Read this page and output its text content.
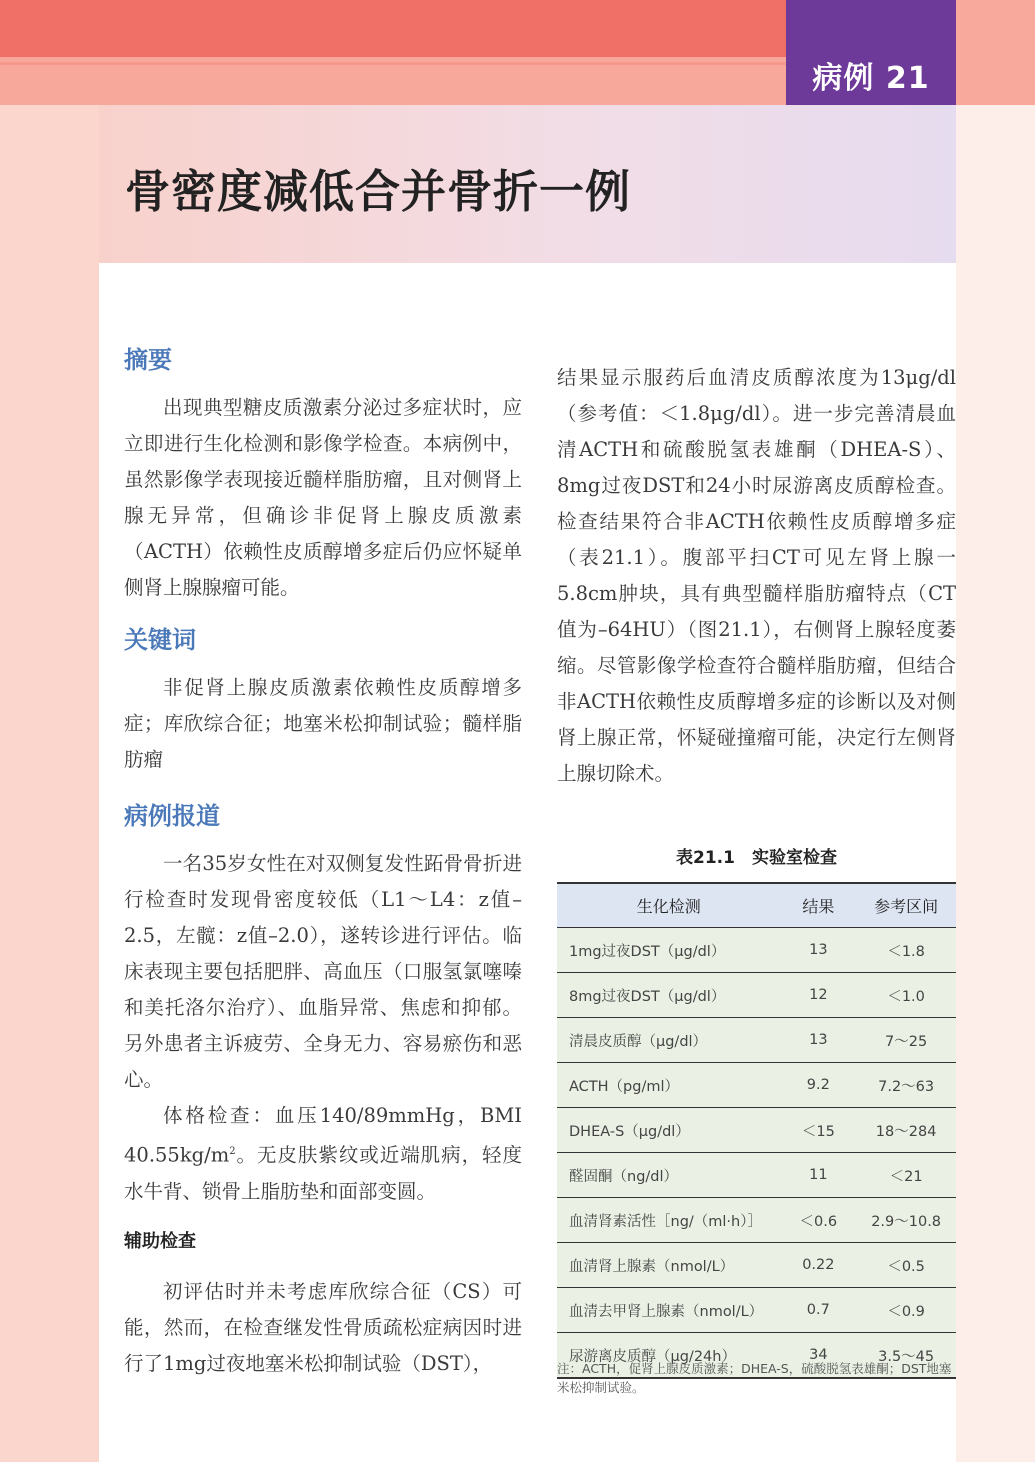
病例 21
骨密度减低合并骨折一例
摘要

出现典型糖皮质激素分泌过多症状时，应立即进行生化检测和影像学检查。本病例中，虽然影像学表现接近髓样脂肪瘤，且对侧肾上腺无异常，但确诊非促肾上腺皮质激素（ACTH）依赖性皮质醇增多症后仍应怀疑单侧肾上腺腺瘤可能。

关键词

非促肾上腺皮质激素依赖性皮质醇增多症；库欣综合征；地塞米松抑制试验；髓样脂肪瘤

病例报道

一名35岁女性在对双侧复发性跖骨骨折进行检查时发现骨密度较低（L1～L4：z值–2.5，左髋：z值–2.0），遂转诊进行评估。临床表现主要包括肥胖、高血压（口服氢氯噻嗪和美托洛尔治疗）、血脂异常、焦虑和抑郁。另外患者主诉疲劳、全身无力、容易瘀伤和恶心。

体格检查：血压140/89mmHg，BMI $40.55kg/m^2$。无皮肤紫纹或近端肌病，轻度水牛背、锁骨上脂肪垫和面部变圆。

辅助检查

初评估时并未考虑库欣综合征（CS）可能，然而，在检查继发性骨质疏松症病因时进行了1mg过夜地塞米松抑制试验（DST），

结果显示服药后血清皮质醇浓度为13μg/dl（参考值：＜1.8μg/dl）。进一步完善清晨血清ACTH和硫酸脱氢表雄酮（DHEA-S）、8mg过夜DST和24小时尿游离皮质醇检查。检查结果符合非ACTH依赖性皮质醇增多症（表21.1）。腹部平扫CT可见左肾上腺一5.8cm肿块，具有典型髓样脂肪瘤特点（CT值为–64HU）（图21.1），右侧肾上腺轻度萎缩。尽管影像学检查符合髓样脂肪瘤，但结合非ACTH依赖性皮质醇增多症的诊断以及对侧肾上腺正常，怀疑碰撞瘤可能，决定行左侧肾上腺切除术。

表21.1　实验室检查
生化检测	结果	参考区间
1mg过夜DST（μg/dl）	13	＜1.8
8mg过夜DST（μg/dl）	12	＜1.0
清晨皮质醇（μg/dl）	13	7～25
ACTH（pg/ml）	9.2	7.2～63
DHEA-S（μg/dl）	＜15	18～284
醛固酮（ng/dl）	11	＜21
血清肾素活性［ng/（ml·h）］	＜0.6	2.9～10.8
血清肾上腺素（nmol/L）	0.22	＜0.5
血清去甲肾上腺素（nmol/L）	0.7	＜0.9
尿游离皮质醇（μg/24h）	34	3.5～45
注：ACTH，促肾上腺皮质激素；DHEA-S，硫酸脱氢表雄酮；DST地塞米松抑制试验。
